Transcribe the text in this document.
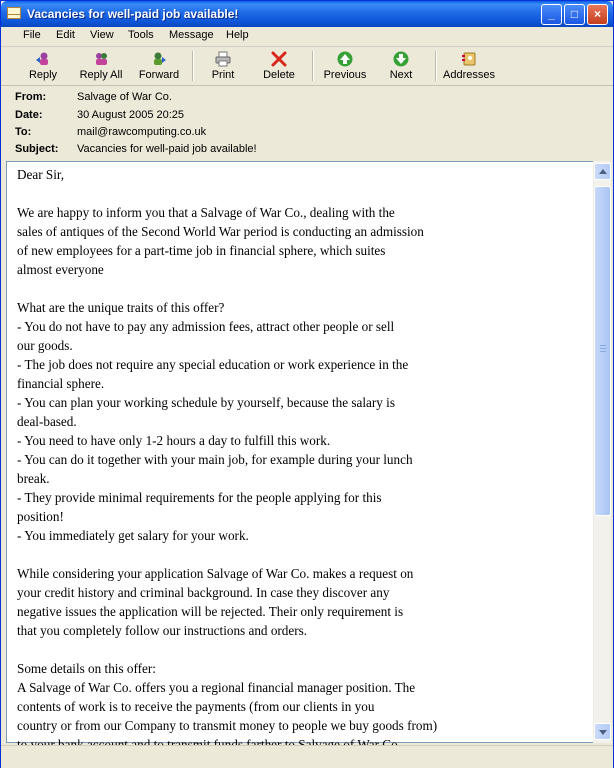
Vacancies for well-paid job available!	_	□	×
File Edit View Tools Message Help
Reply	Reply All	Forward	Print	Delete	Previous	Next	Addresses
From:	Salvage of War Co.
Date:	30 August 2005 20:25
To:	mail@rawcomputing.co.uk
Subject: Vacancies for well-paid job available!
Dear Sir,

We are happy to inform you that a Salvage of War Co., dealing with the
sales of antiques of the Second World War period is conducting an admission
of new employees for a part-time job in financial sphere, which suites
almost everyone

What are the unique traits of this offer?
- You do not have to pay any admission fees, attract other people or sell
our goods.
- The job does not require any special education or work experience in the
financial sphere.
- You can plan your working schedule by yourself, because the salary is
deal-based.
- You need to have only 1-2 hours a day to fulfill this work.
- You can do it together with your main job, for example during your lunch
break.
- They provide minimal requirements for the people applying for this
position!
- You immediately get salary for your work.

While considering your application Salvage of War Co. makes a request on
your credit history and criminal background. In case they discover any
negative issues the application will be rejected. Their only requirement is
that you completely follow our instructions and orders.

Some details on this offer:
A Salvage of War Co. offers you a regional financial manager position. The
contents of work is to receive the payments (from our clients in you
country or from our Company to transmit money to people we buy goods from)
